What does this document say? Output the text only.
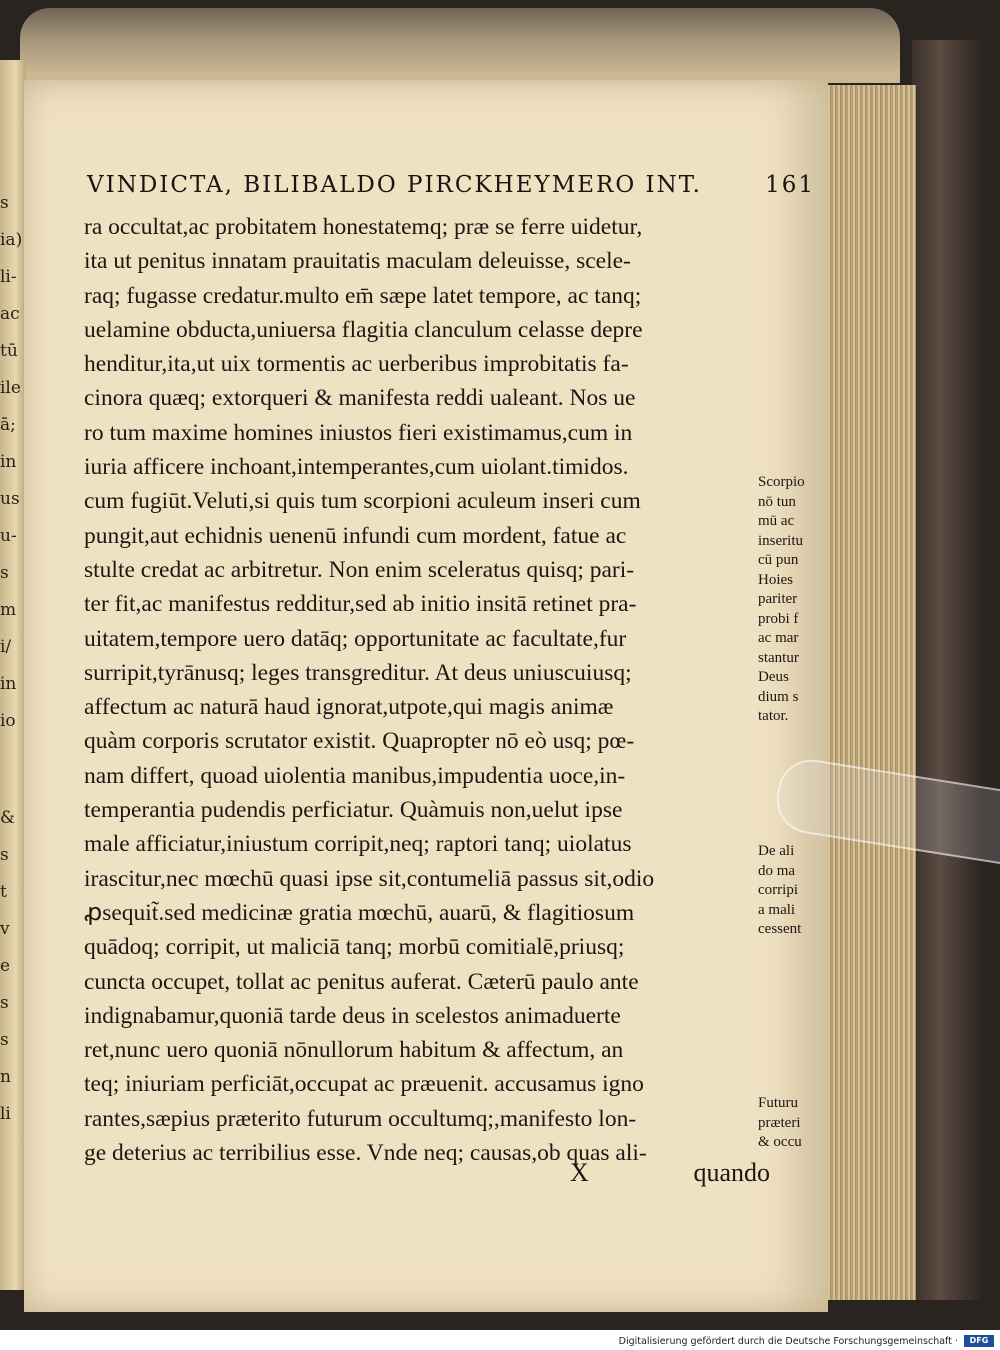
s
ia)
li-
ac
tū
ile
ā;
in
us
u-
s
m
i/
in
io
&
s
t
v
e
s
s
n
li
VINDICTA, BILIBALDO PIRCKHEYMERO INT.	161
ra occultat,ac probitatem honestatemq; præ se ferre uidetur,
ita ut penitus innatam prauitatis maculam deleuisse, scele-
raq; fugasse credatur.multo em̄ sæpe latet tempore, ac tanq;
uelamine obducta,uniuersa flagitia clanculum celasse depre
henditur,ita,ut uix tormentis ac uerberibus improbitatis fa-
cinora quæq; extorqueri & manifesta reddi ualeant. Nos ue
ro tum maxime homines iniustos fieri existimamus,cum in
iuria afficere inchoant,intemperantes,cum uiolant.timidos.
cum fugiūt.Veluti,si quis tum scorpioni aculeum inseri cum
pungit,aut echidnis uenenū infundi cum mordent, fatue ac
stulte credat ac arbitretur. Non enim sceleratus quisq; pari-
ter fit,ac manifestus redditur,sed ab initio insitā retinet pra-
uitatem,tempore uero datāq; opportunitate ac facultate,fur
surripit,tyrānusq; leges transgreditur. At deus uniuscuiusq;
affectum ac naturā haud ignorat,utpote,qui magis animæ
quàm corporis scrutator existit. Quapropter nō eò usq; pœ-
nam differt, quoad uiolentia manibus,impudentia uoce,in-
temperantia pudendis perficiatur. Quàmuis non,uelut ipse
male afficiatur,iniustum corripit,neq; raptori tanq; uiolatus
irascitur,nec mœchū quasi ipse sit,contumeliā passus sit,odio
ꝓsequit̃.sed medicinæ gratia mœchū, auarū, & flagitiosum
quādoq; corripit, ut maliciā tanq; morbū comitialē,priusq;
cuncta occupet, tollat ac penitus auferat. Cæterū paulo ante
indignabamur,quoniā tarde deus in scelestos animaduerte
ret,nunc uero quoniā nōnullorum habitum & affectum, an
teq; iniuriam perficiāt,occupat ac præuenit. accusamus igno
rantes,sæpius præterito futurum occultumq;,manifesto lon-
ge deterius ac terribilius esse. Vnde neq; causas,ob quas ali-
Scorpio
nō tun
mū ac
inseritu
cū pun
Hoies
pariter
probi f
ac mar
stantur
Deus
dium s
tator.
De ali
do ma
corripi
a mali
cessent
Futuru
præteri
& occu
X	quando
Digitalisierung gefördert durch die Deutsche Forschungsgemeinschaft ·	DFG
